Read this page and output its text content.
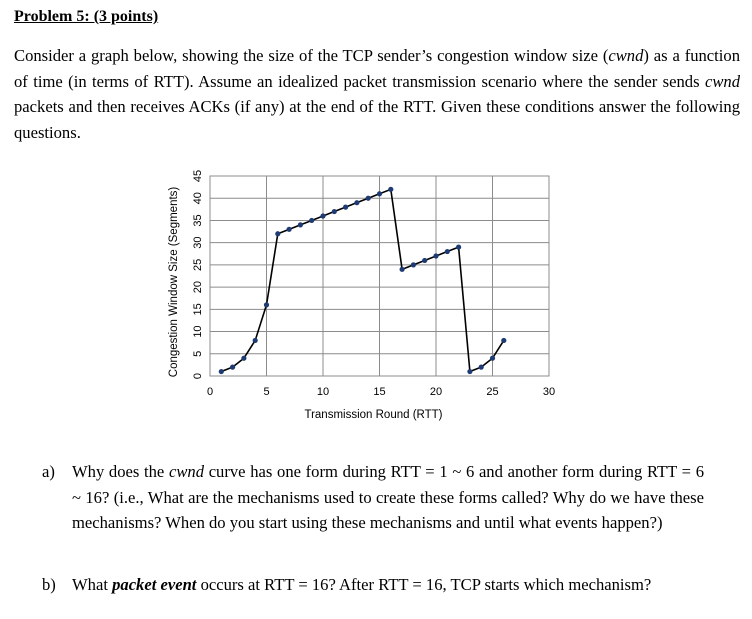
Problem 5: (3 points)

Consider a graph below, showing the size of the TCP sender’s congestion window size (cwnd) as a function of time (in terms of RTT). Assume an idealized packet transmission scenario where the sender sends cwnd packets and then receives ACKs (if any) at the end of the RTT. Given these conditions answer the following questions.

0
5
10
15
20
25
30
35
40
45
0	5	10	15	20	25	30
Congestion Window Size (Segments)
Transmission Round (RTT)
a) Why does the cwnd curve has one form during RTT = 1 ~ 6 and another form during RTT = 6 ~ 16? (i.e., What are the mechanisms used to create these forms called? Why do we have these mechanisms? When do you start using these mechanisms and until what events happen?)
b) What packet event occurs at RTT = 16? After RTT = 16, TCP starts which mechanism?
